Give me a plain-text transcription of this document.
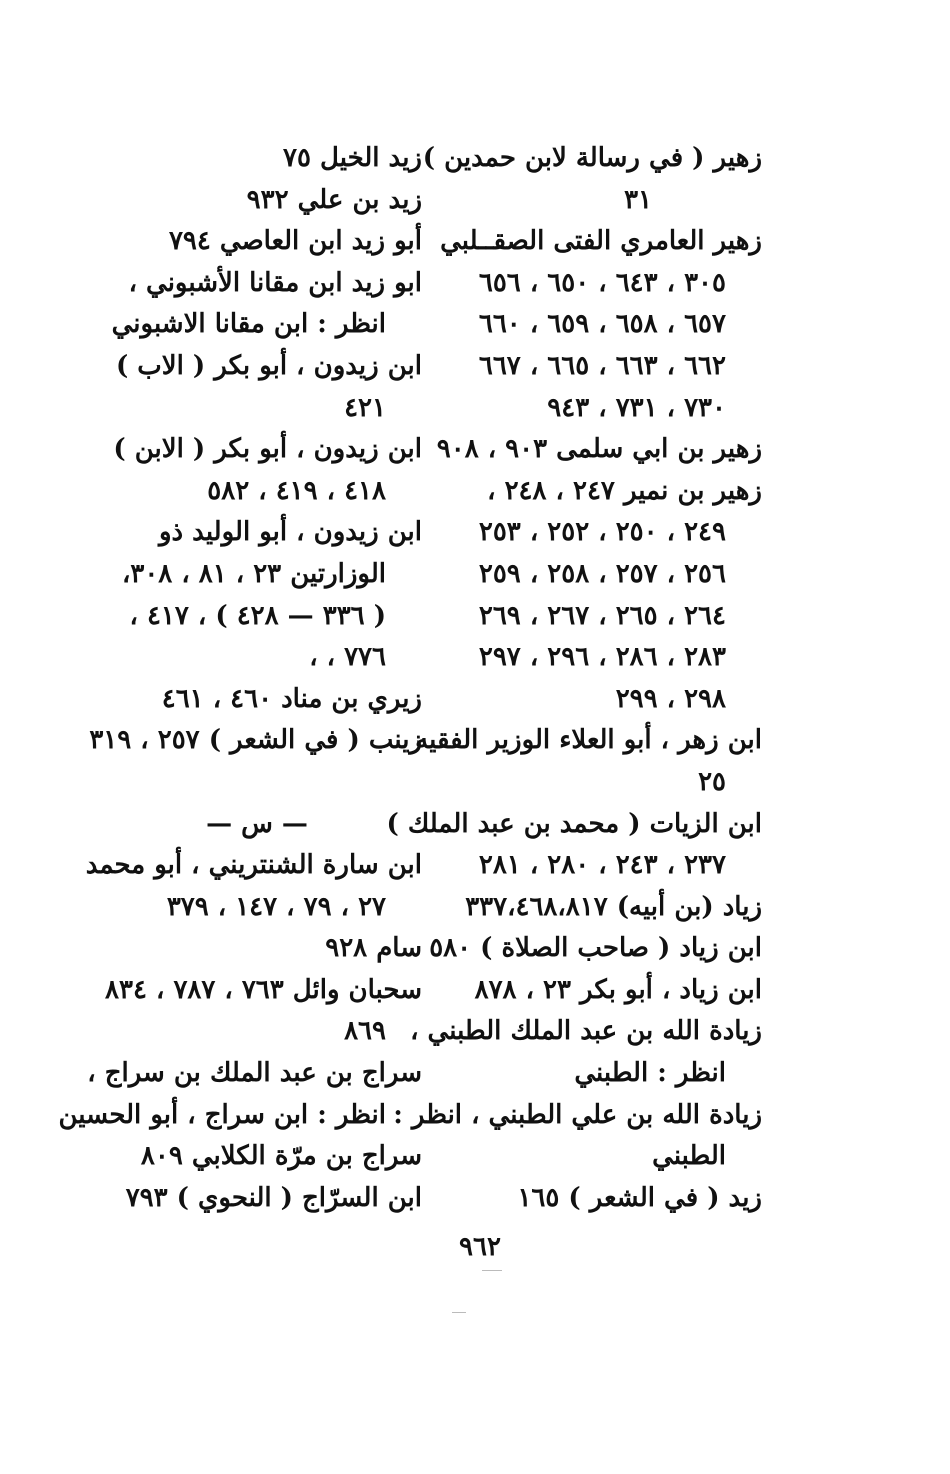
زهير ( في رسالة لابن حمدين )
٣١
زهير العامري الفتى الصقــلبي
٣٠٥ ، ٦٤٣ ، ٦٥٠ ، ٦٥٦
٦٥٧ ، ٦٥٨ ، ٦٥٩ ، ٦٦٠
٦٦٢ ، ٦٦٣ ، ٦٦٥ ، ٦٦٧
٧٣٠ ، ٧٣١ ، ٩٤٣
زهير بن ابي سلمى ٩٠٣ ، ٩٠٨
زهير بن نمير ٢٤٧ ، ٢٤٨ ،
٢٤٩ ، ٢٥٠ ، ٢٥٢ ، ٢٥٣
٢٥٦ ، ٢٥٧ ، ٢٥٨ ، ٢٥٩
٢٦٤ ، ٢٦٥ ، ٢٦٧ ، ٢٦٩
٢٨٣ ، ٢٨٦ ، ٢٩٦ ، ٢٩٧
٢٩٨ ، ٢٩٩
ابن زهر ، أبو العلاء الوزير الفقيه
٢٥
ابن الزيات ( محمد بن عبد الملك )
٢٣٧ ، ٢٤٣ ، ٢٨٠ ، ٢٨١
زياد (بن أبيه) ٣٣٧،٤٦٨،٨١٧
ابن زياد ( صاحب الصلاة ) ٥٨٠
ابن زياد ، أبو بكر ٢٣ ، ٨٧٨
زيادة الله بن عبد الملك الطبني ،
انظر : الطبني
زيادة الله بن علي الطبني ، انظر :
الطبني
زيد ( في الشعر ) ١٦٥
زيد الخيل ٧٥
زيد بن علي ٩٣٢
أبو زيد ابن العاصي ٧٩٤
ابو زيد ابن مقانا الأشبوني ،
انظر : ابن مقانا الاشبوني
ابن زيدون ، أبو بكر ( الاب )
٤٢١
ابن زيدون ، أبو بكر ( الابن )
٤١٨ ، ٤١٩ ، ٥٨٢
ابن زيدون ، أبو الوليد ذو
الوزارتين ٢٣ ، ٨١ ، ٣٠٨،
( ٣٣٦ — ٤٢٨ ) ، ٤١٧ ،
٧٧٦ ، ،
زيري بن مناد ٤٦٠ ، ٤٦١
زينب ( في الشعر ) ٢٥٧ ، ٣١٩
— س —
ابن سارة الشنتريني ، أبو محمد
٢٧ ، ٧٩ ، ١٤٧ ، ٣٧٩
سام ٩٢٨
سحبان وائل ٧٦٣ ، ٧٨٧ ، ٨٣٤
٨٦٩
سراج بن عبد الملك بن سراج ،
انظر : ابن سراج ، أبو الحسين
سراج بن مرّة الكلابي ٨٠٩
ابن السرّاج ( النحوي ) ٧٩٣
٩٦٢
